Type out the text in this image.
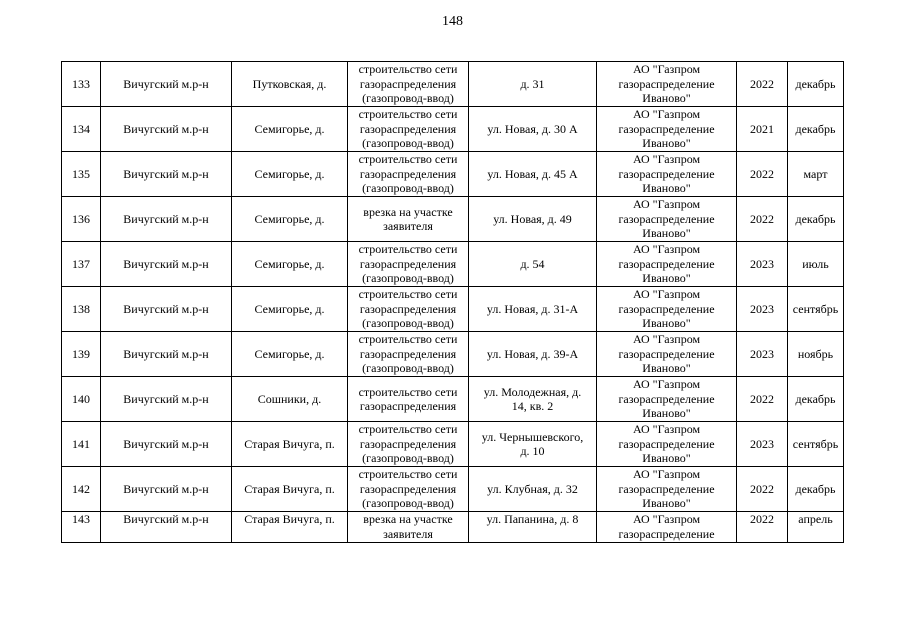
148
133	Вичугский м.р-н	Путковская, д.	строительство сети
газораспределения
(газопровод-ввод)	д. 31	АО "Газпром
газораспределение
Иваново"	2022	декабрь
134	Вичугский м.р-н	Семигорье, д.	строительство сети
газораспределения
(газопровод-ввод)	ул. Новая, д. 30 А	АО "Газпром
газораспределение
Иваново"	2021	декабрь
135	Вичугский м.р-н	Семигорье, д.	строительство сети
газораспределения
(газопровод-ввод)	ул. Новая, д. 45 А	АО "Газпром
газораспределение
Иваново"	2022	март
136	Вичугский м.р-н	Семигорье, д.	врезка на участке
заявителя	ул. Новая, д. 49	АО "Газпром
газораспределение
Иваново"	2022	декабрь
137	Вичугский м.р-н	Семигорье, д.	строительство сети
газораспределения
(газопровод-ввод)	д. 54	АО "Газпром
газораспределение
Иваново"	2023	июль
138	Вичугский м.р-н	Семигорье, д.	строительство сети
газораспределения
(газопровод-ввод)	ул. Новая, д. 31-А	АО "Газпром
газораспределение
Иваново"	2023	сентябрь
139	Вичугский м.р-н	Семигорье, д.	строительство сети
газораспределения
(газопровод-ввод)	ул. Новая, д. 39-А	АО "Газпром
газораспределение
Иваново"	2023	ноябрь
140	Вичугский м.р-н	Сошники, д.	строительство сети
газораспределения	ул. Молодежная, д.
14, кв. 2	АО "Газпром
газораспределение
Иваново"	2022	декабрь
141	Вичугский м.р-н	Старая Вичуга, п.	строительство сети
газораспределения
(газопровод-ввод)	ул. Чернышевского,
д. 10	АО "Газпром
газораспределение
Иваново"	2023	сентябрь
142	Вичугский м.р-н	Старая Вичуга, п.	строительство сети
газораспределения
(газопровод-ввод)	ул. Клубная, д. 32	АО "Газпром
газораспределение
Иваново"	2022	декабрь
143	Вичугский м.р-н	Старая Вичуга, п.	врезка на участке
заявителя	ул. Папанина, д. 8	АО "Газпром
газораспределение	2022	апрель
